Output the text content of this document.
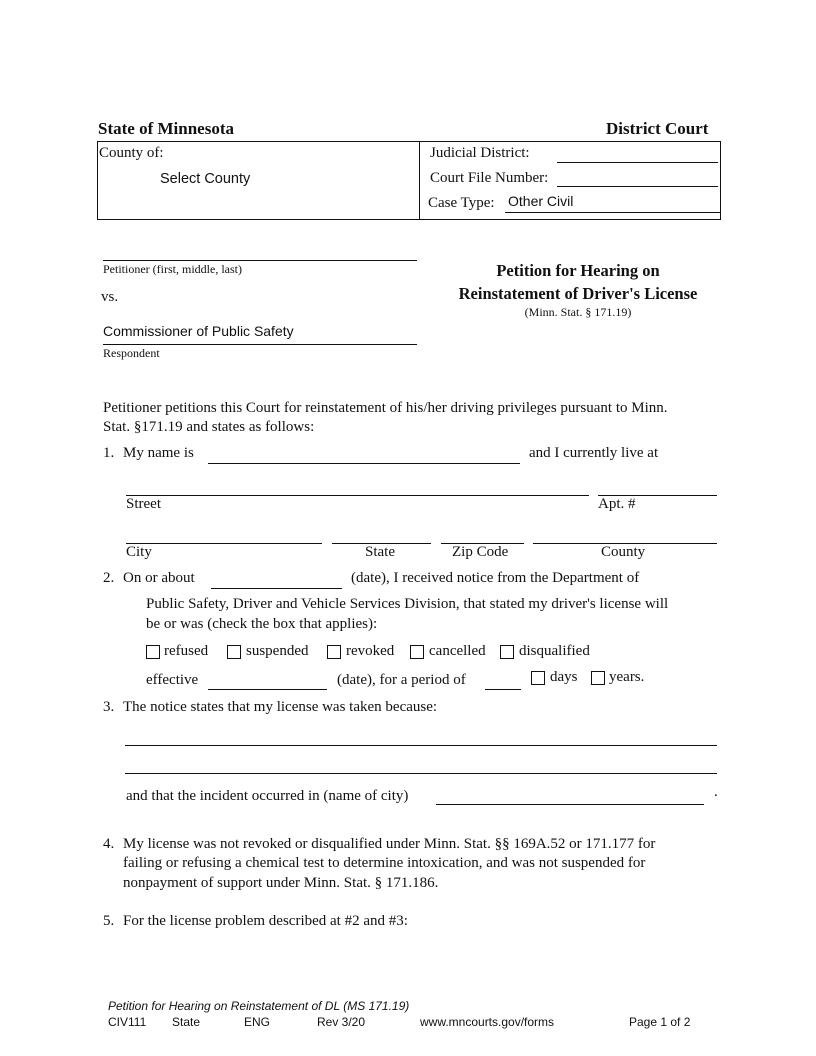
State of Minnesota	District Court
County of:
Select County
Judicial District:
Court File Number:
Case Type: Other Civil
Petitioner (first, middle, last)
vs.
Commissioner of Public Safety
Respondent
Petition for Hearing on
Reinstatement of Driver's License
(Minn. Stat. § 171.19)
Petitioner petitions this Court for reinstatement of his/her driving privileges pursuant to Minn.
Stat. §171.19 and states as follows:
1. My name is	and I currently live at
Street	Apt. #
City	State	Zip Code	County
2. On or about	(date), I received notice from the Department of
Public Safety, Driver and Vehicle Services Division, that stated my driver's license will
be or was (check the box that applies):
refused	suspended	revoked cancelled disqualified
effective	(date), for a period of	days years.
3. The notice states that my license was taken because:
and that the incident occurred in (name of city)	.
4. My license was not revoked or disqualified under Minn. Stat. §§ 169A.52 or 171.177 for
failing or refusing a chemical test to determine intoxication, and was not suspended for
nonpayment of support under Minn. Stat. § 171.186.
5. For the license problem described at #2 and #3:
Petition for Hearing on Reinstatement of DL (MS 171.19)
CIV111 State	ENG	Rev 3/20	www.mncourts.gov/forms	Page 1 of 2
